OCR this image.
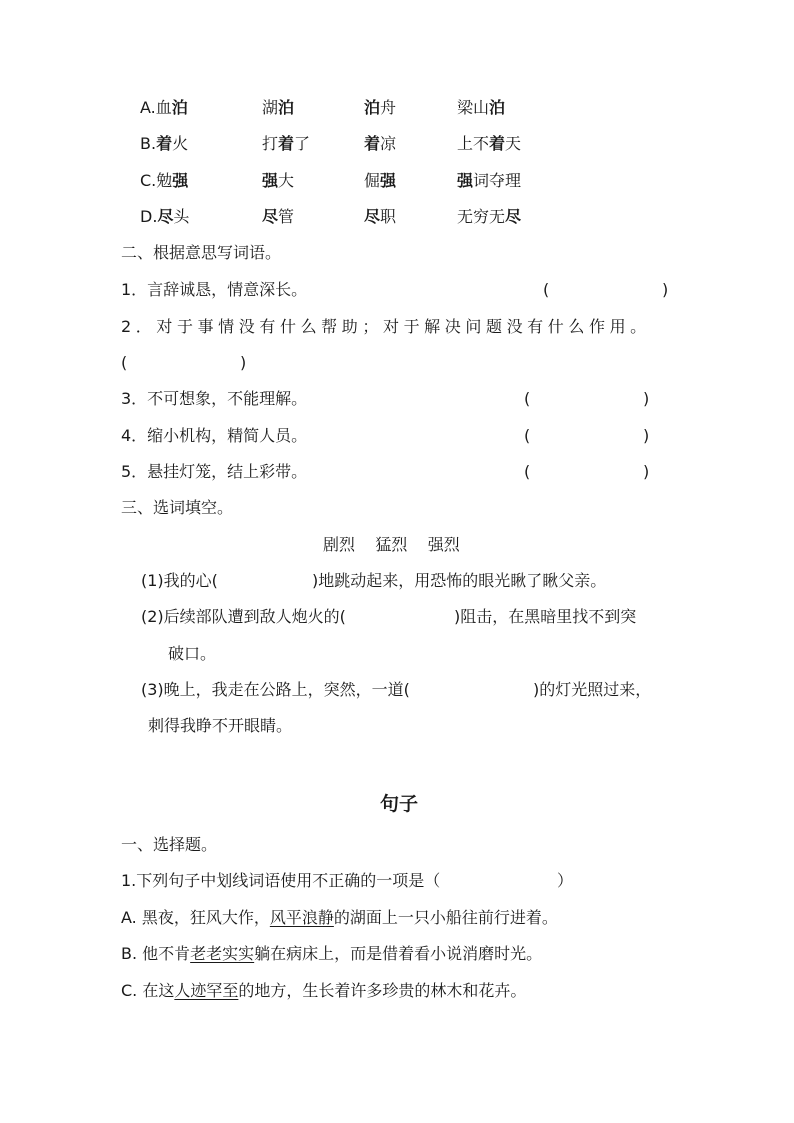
A.血泊	湖泊	泊舟	梁山泊
B.着火	打着了	着凉	上不着天
C.勉强	强大	倔强	强词夺理
D.尽头	尽管	尽职	无穷无尽
二、根据意思写词语。
1．言辞诚恳，情意深长。	(	)
2．对于事情没有什么帮助；对于解决问题没有什么作用。
(	)
3．不可想象，不能理解。	(	)
4．缩小机构，精简人员。	(	)
5．悬挂灯笼，结上彩带。	(	)
三、选词填空。
剧烈    猛烈    强烈
(1)我的心(	)地跳动起来，用恐怖的眼光瞅了瞅父亲。
(2)后续部队遭到敌人炮火的(	)阻击，在黑暗里找不到突
破口。
(3)晚上，我走在公路上，突然，一道(	)的灯光照过来，
刺得我睁不开眼睛。
句子
一、选择题。
1.下列句子中划线词语使用不正确的一项是（	）
A. 黑夜，狂风大作，风平浪静的湖面上一只小船往前行进着。
B. 他不肯老老实实躺在病床上，而是借着看小说消磨时光。
C. 在这人迹罕至的地方，生长着许多珍贵的林木和花卉。
